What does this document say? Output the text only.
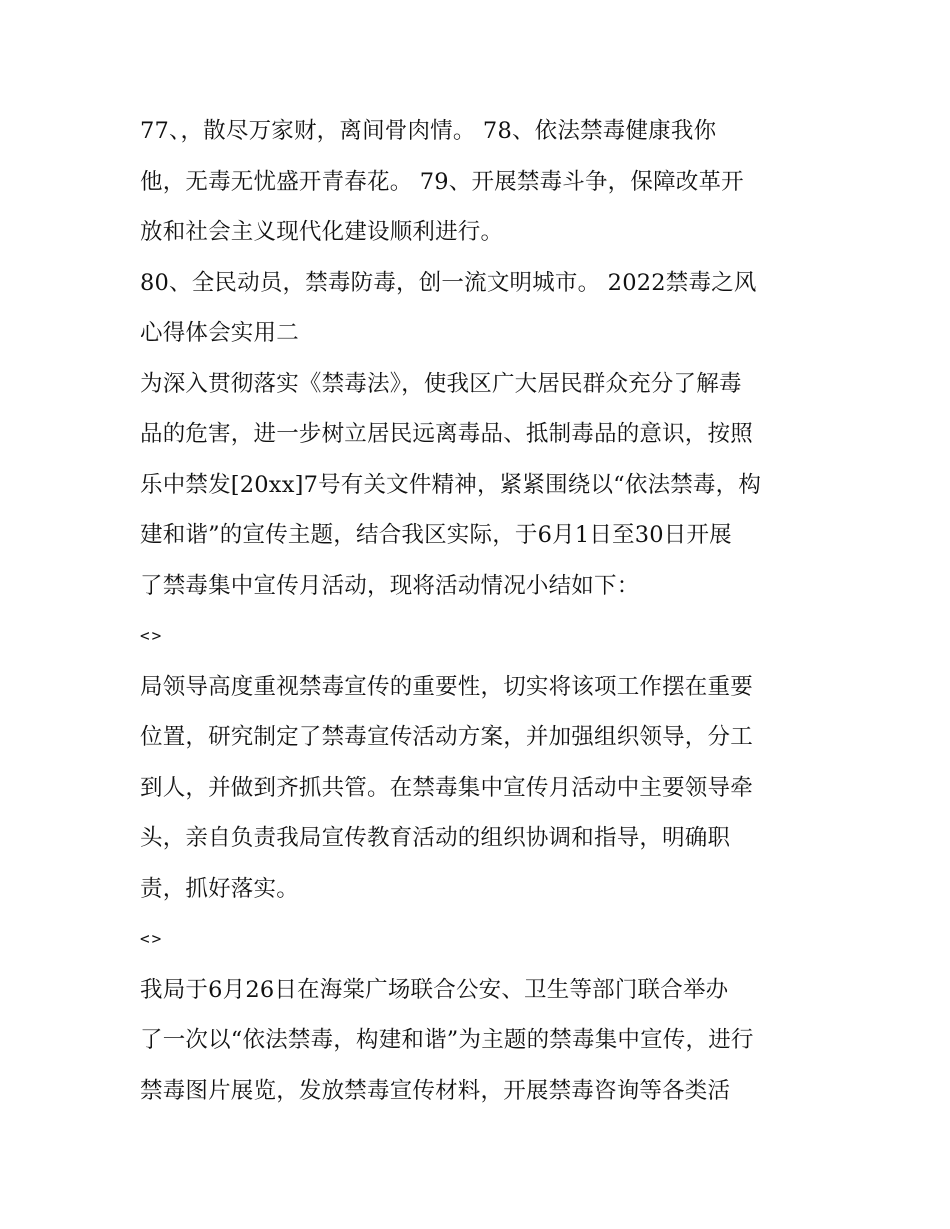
77、，散尽万家财，离间骨肉情。 78、依法禁毒健康我你
他，无毒无忧盛开青春花。 79、开展禁毒斗争，保障改革开
放和社会主义现代化建设顺利进行。
80、全民动员，禁毒防毒，创一流文明城市。 2022禁毒之风
心得体会实用二
为深入贯彻落实《禁毒法》，使我区广大居民群众充分了解毒
品的危害，进一步树立居民远离毒品、抵制毒品的意识，按照
乐中禁发[20xx]7号有关文件精神，紧紧围绕以“依法禁毒，构
建和谐”的宣传主题，结合我区实际，于6月1日至30日开展
了禁毒集中宣传月活动，现将活动情况小结如下：
<>
局领导高度重视禁毒宣传的重要性，切实将该项工作摆在重要
位置，研究制定了禁毒宣传活动方案，并加强组织领导，分工
到人，并做到齐抓共管。在禁毒集中宣传月活动中主要领导牵
头，亲自负责我局宣传教育活动的组织协调和指导，明确职
责，抓好落实。
<>
我局于6月26日在海棠广场联合公安、卫生等部门联合举办
了一次以“依法禁毒，构建和谐”为主题的禁毒集中宣传，进行
禁毒图片展览，发放禁毒宣传材料，开展禁毒咨询等各类活
